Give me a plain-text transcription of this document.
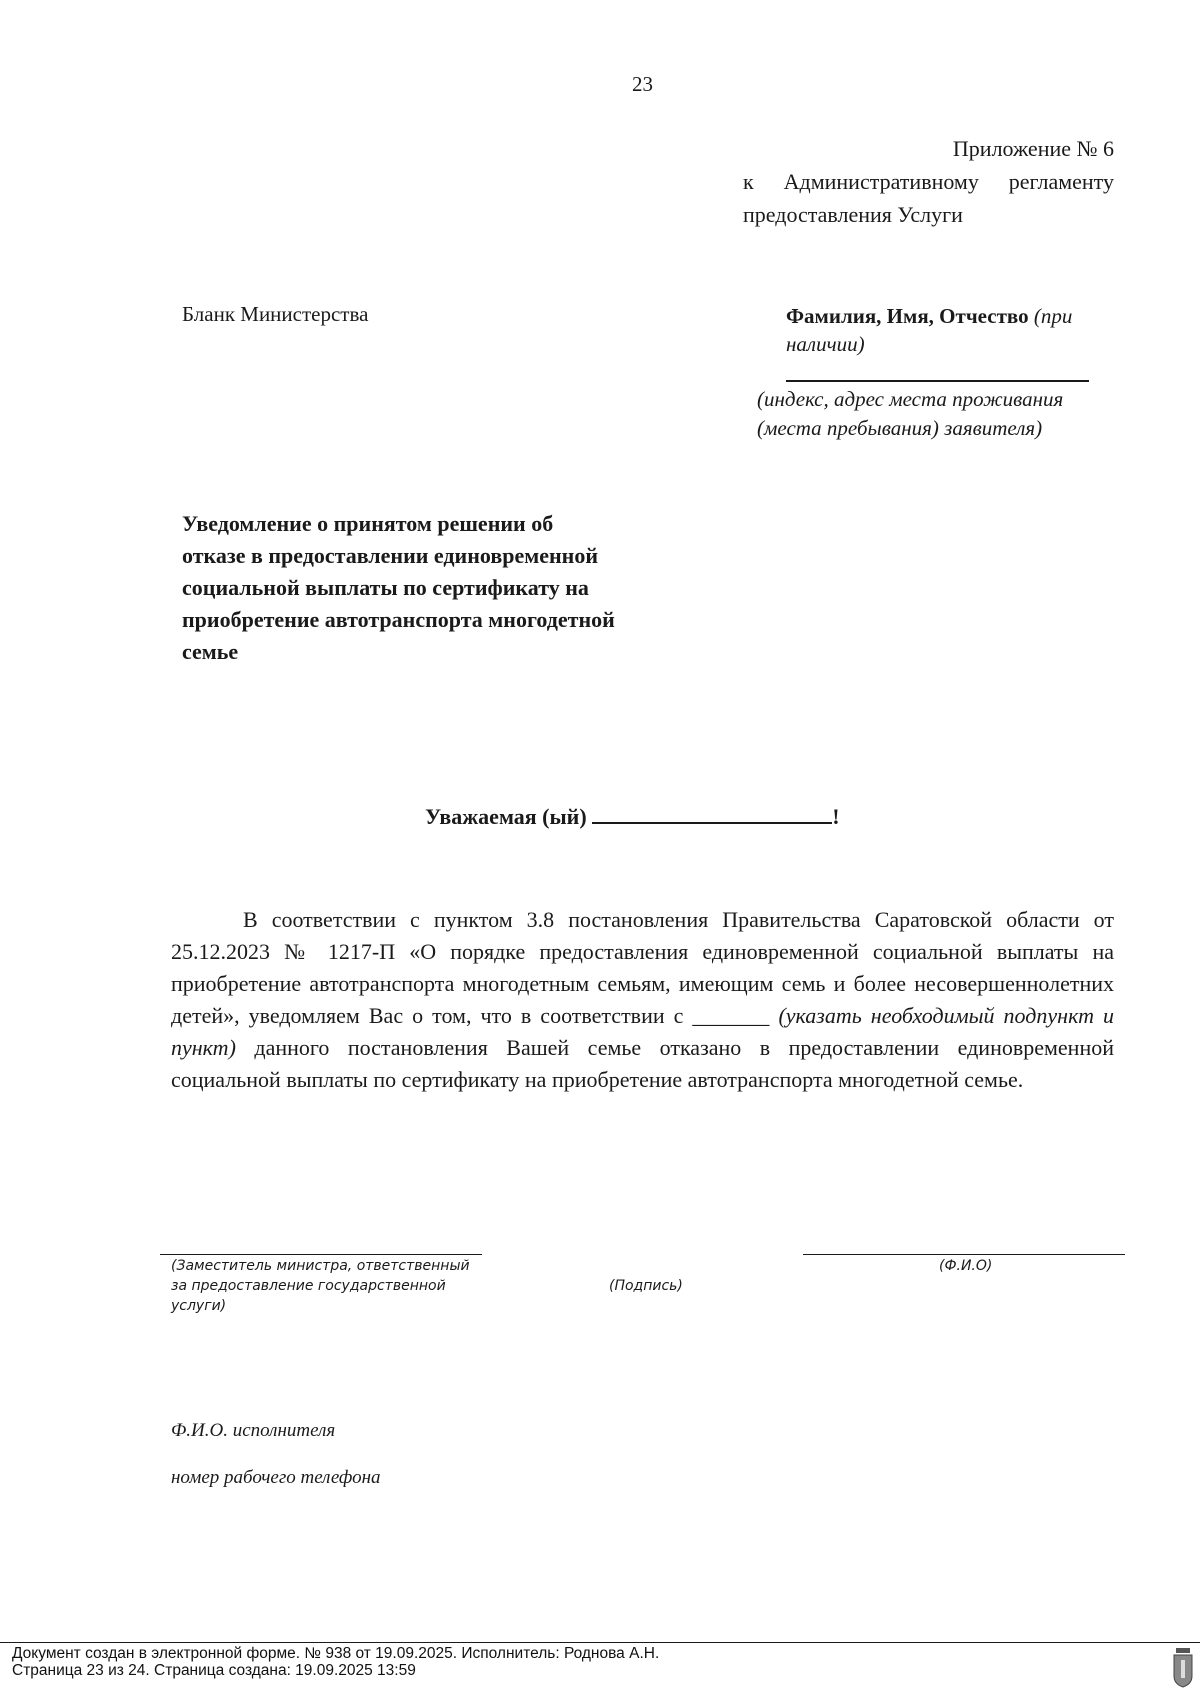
23
Приложение № 6
к Административному регламенту
предоставления Услуги
Бланк Министерства	Фамилия, Имя, Отчество (при наличии)
(индекс, адрес места проживания (места пребывания) заявителя)
Уведомление о принятом решении об отказе в предоставлении единовременной социальной выплаты по сертификату на приобретение автотранспорта многодетной семье
Уважаемая (ый)	!
В соответствии с пунктом 3.8 постановления Правительства Саратовской области от 25.12.2023 № 1217-П «О порядке предоставления единовременной социальной выплаты на приобретение автотранспорта многодетным семьям, имеющим семь и более несовершеннолетних детей», уведомляем Вас о том, что в соответствии с _______ (указать необходимый подпункт и пункт) данного постановления Вашей семье отказано в предоставлении единовременной социальной выплаты по сертификату на приобретение автотранспорта многодетной семье.
(Заместитель министра, ответственный за предоставление государственной услуги)
(Подпись)
(Ф.И.О)
Ф.И.О. исполнителя
номер рабочего телефона
Документ создан в электронной форме. № 938 от 19.09.2025. Исполнитель: Роднова А.Н.
Страница 23 из 24. Страница создана: 19.09.2025 13:59
